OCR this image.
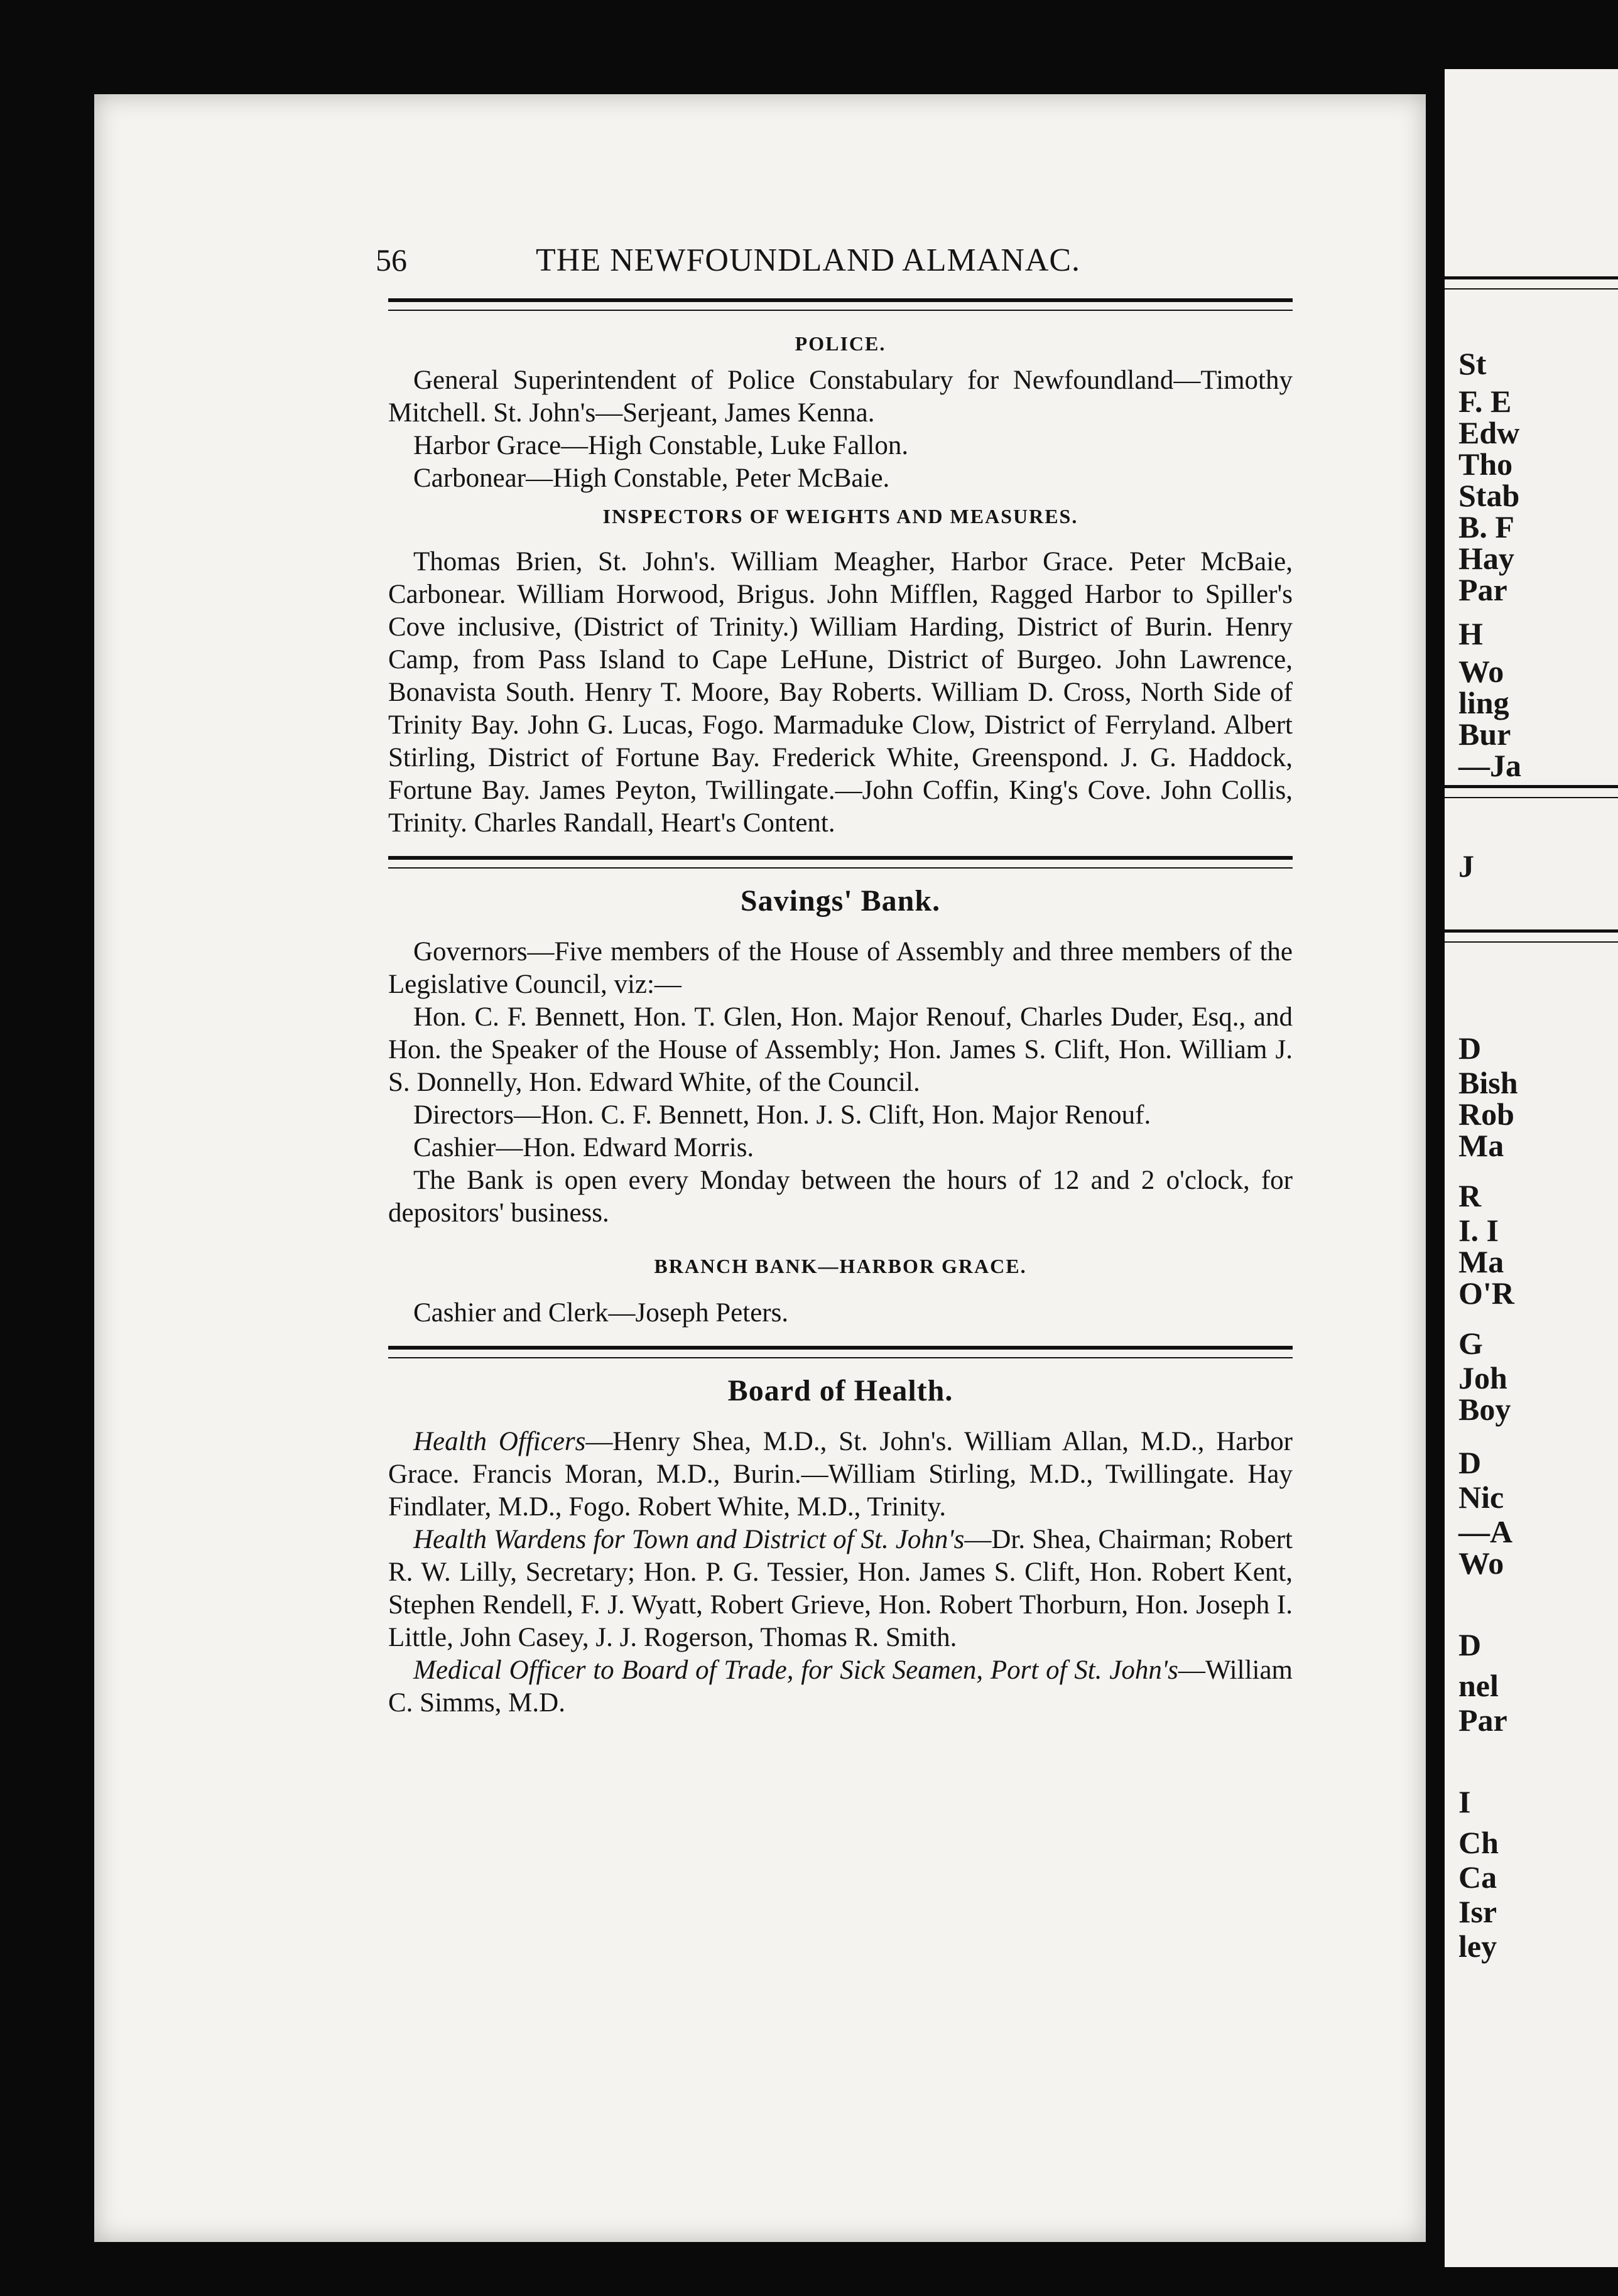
56	THE NEWFOUNDLAND ALMANAC.
POLICE.

General Superintendent of Police Constabulary for Newfoundland—Timothy Mitchell. St. John's—Serjeant, James Kenna.

Harbor Grace—High Constable, Luke Fallon.

Carbonear—High Constable, Peter McBaie.

INSPECTORS OF WEIGHTS AND MEASURES.

Thomas Brien, St. John's. William Meagher, Harbor Grace. Peter McBaie, Carbonear. William Horwood, Brigus. John Mifflen, Ragged Harbor to Spiller's Cove inclusive, (District of Trinity.) William Harding, District of Burin. Henry Camp, from Pass Island to Cape LeHune, District of Burgeo. John Lawrence, Bonavista South. Henry T. Moore, Bay Roberts. William D. Cross, North Side of Trinity Bay. John G. Lucas, Fogo. Marmaduke Clow, District of Ferryland. Albert Stirling, District of Fortune Bay. Frederick White, Greenspond. J. G. Haddock, Fortune Bay. James Peyton, Twillingate.—John Coffin, King's Cove. John Collis, Trinity. Charles Randall, Heart's Content.

Savings' Bank.

Governors—Five members of the House of Assembly and three members of the Legislative Council, viz:—

Hon. C. F. Bennett, Hon. T. Glen, Hon. Major Renouf, Charles Duder, Esq., and Hon. the Speaker of the House of Assembly; Hon. James S. Clift, Hon. William J. S. Donnelly, Hon. Edward White, of the Council.

Directors—Hon. C. F. Bennett, Hon. J. S. Clift, Hon. Major Renouf.

Cashier—Hon. Edward Morris.

The Bank is open every Monday between the hours of 12 and 2 o'clock, for depositors' business.

BRANCH BANK—HARBOR GRACE.

Cashier and Clerk—Joseph Peters.

Board of Health.

Health Officers—Henry Shea, M.D., St. John's. William Allan, M.D., Harbor Grace. Francis Moran, M.D., Burin.—William Stirling, M.D., Twillingate. Hay Findlater, M.D., Fogo. Robert White, M.D., Trinity.

Health Wardens for Town and District of St. John's—Dr. Shea, Chairman; Robert R. W. Lilly, Secretary; Hon. P. G. Tessier, Hon. James S. Clift, Hon. Robert Kent, Stephen Rendell, F. J. Wyatt, Robert Grieve, Hon. Robert Thorburn, Hon. Joseph I. Little, John Casey, J. J. Rogerson, Thomas R. Smith.

Medical Officer to Board of Trade, for Sick Seamen, Port of St. John's—William C. Simms, M.D.

St
F. E
Edw
Tho
Stab
B. F
Hay
Par
H
Wo
ling
Bur
—Ja
J
D
Bish
Rob
Ma
R
I. I
Ma
O'R
G
Joh
Boy
D
Nic
—A
Wo
D
nel
Par
I
Ch
Ca
Isr
ley
